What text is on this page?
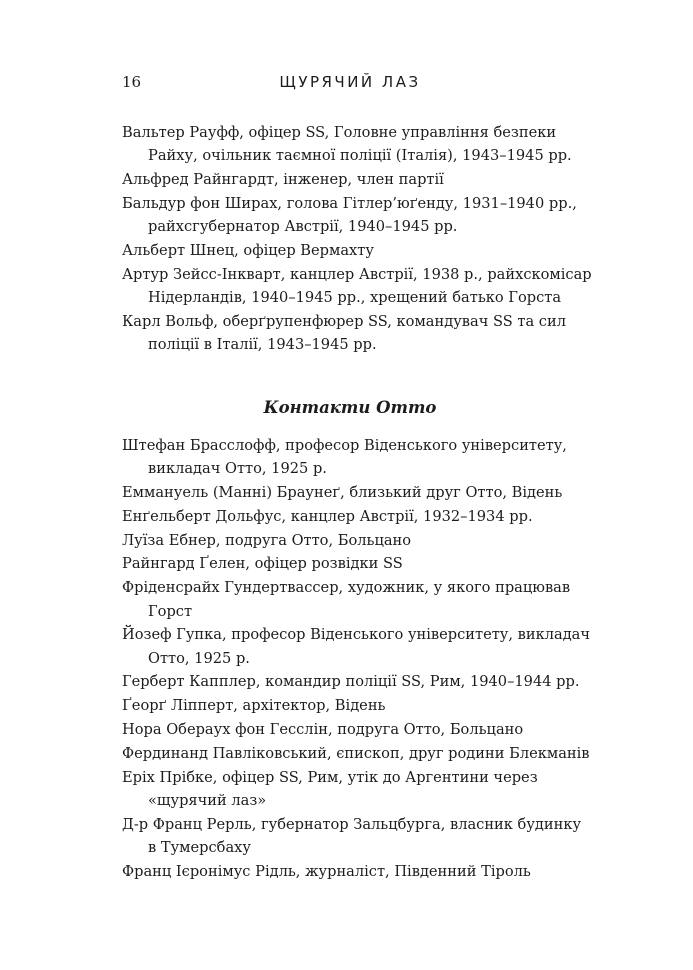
16	ЩУРЯЧИЙ ЛАЗ

Вальтер Рауфф, офіцер SS, Головне управління безпеки Райху, очільник таємної поліції (Італія), 1943–1945 рр.

Альфред Райнгардт, інженер, член партії

Бальдур фон Ширах, голова Гітлер’юґенду, 1931–1940 рр., райхсгубернатор Австрії, 1940–1945 рр.

Альберт Шнец, офіцер Вермахту

Артур Зейсс-Інкварт, канцлер Австрії, 1938 р., райхскомісар Нідерландів, 1940–1945 рр., хрещений батько Горста

Карл Вольф, оберґрупенфюрер SS, командувач SS та сил поліції в Італії, 1943–1945 рр.

Контакти Отто

Штефан Брасслофф, професор Віденського університету, викладач Отто, 1925 р.

Еммануель (Манні) Браунеґ, близький друг Отто, Відень

Енґельберт Дольфус, канцлер Австрії, 1932–1934 рр.

Луїза Ебнер, подруга Отто, Больцано

Райнгард Ґелен, офіцер розвідки SS

Фріденсрайх Гундертвассер, художник, у якого працював Горст

Йозеф Гупка, професор Віденського університету, викладач Отто, 1925 р.

Герберт Капплер, командир поліції SS, Рим, 1940–1944 рр.

Ґеорґ Ліпперт, архітектор, Відень

Нора Обераух фон Гесслін, подруга Отто, Больцано

Фердинанд Павліковський, єпископ, друг родини Блекманів

Еріх Прібке, офіцер SS, Рим, утік до Аргентини через «щурячий лаз»

Д-р Франц Рерль, губернатор Зальцбурга, власник будинку в Тумерсбаху

Франц Ієронімус Рідль, журналіст, Південний Тіроль
